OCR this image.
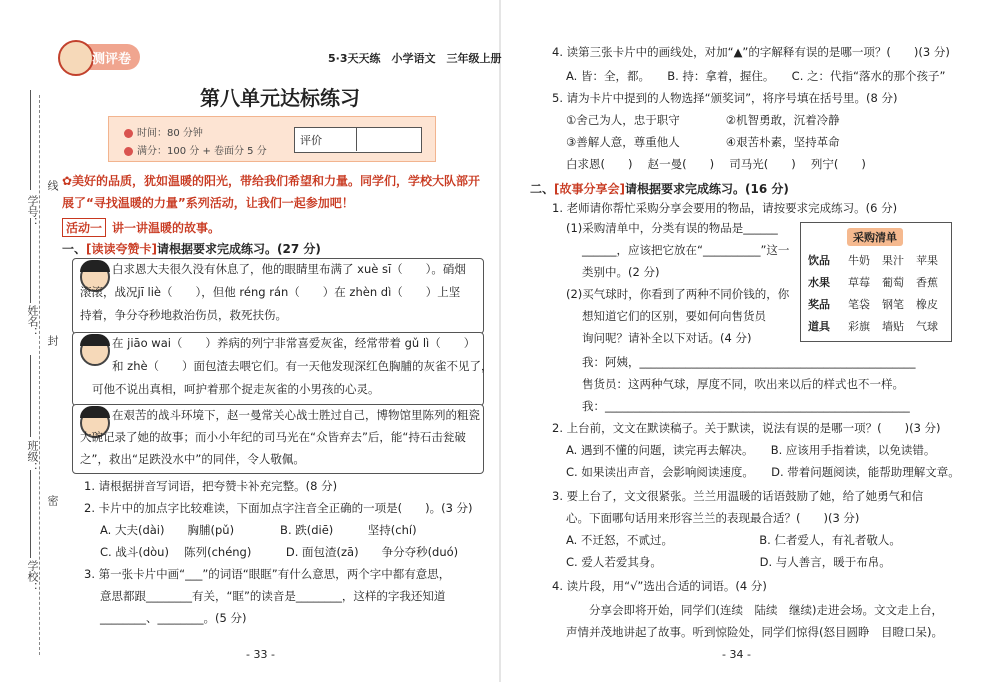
学号：
姓名：
班级：
学校：
线
封
密
测评卷	5·3天天练　小学语文　三年级上册
第八单元达标练习
时间：80 分钟
满分：100 分 + 卷面分 5 分
评价
✿美好的品质，犹如温暖的阳光，带给我们希望和力量。同学们，学校大队部开
展了“寻找温暖的力量”系列活动，让我们一起参加吧！
活动一 讲一讲温暖的故事。
一、[读读夸赞卡]请根据要求完成练习。(27 分)
白求恩大夫很久没有休息了，他的眼睛里布满了 xuè sī（　　）。硝烟
滚滚，战况jī liè（　　），但他 réng rán（　　）在 zhèn dì（　　）上坚
持着，争分夺秒地救治伤员，救死扶伤。
在 jiāo wai（　　）养病的列宁非常喜爱灰雀，经常带着 gǔ lì（　　）
和 zhè（　　）面包渣去喂它们。有一天他发现深红色胸脯的灰雀不见了，
可他不说出真相，呵护着那个捉走灰雀的小男孩的心灵。
在艰苦的战斗环境下，赵一曼常关心战士胜过自己，博物馆里陈列的粗瓷
大碗记录了她的故事；而小小年纪的司马光在“众皆弃去”后，能“持石击瓮破
之”，救出“足跌没水中”的同伴，令人敬佩。
1. 请根据拼音写词语，把夸赞卡补充完整。(8 分)
2. 卡片中的加点字比较难读，下面加点字注音全正确的一项是(　　)。(3 分)
A. 大夫(dài)　　胸脯(pǔ)　　　　B. 跌(diē)　　　坚持(chí)
C. 战斗(dòu)　 陈列(chéng)　　　D. 面包渣(zā)　　争分夺秒(duó)
3. 第一张卡片中画“___”的词语“眼眶”有什么意思，两个字中都有意思，
意思都跟________有关，“眶”的读音是________，这样的字我还知道
________、________。(5 分)
- 33 -
4. 读第三张卡片中的画线处，对加“▲”的字解释有误的是哪一项？(　　)(3 分)
A. 皆：全，都。　　B. 持：拿着，握住。　　C. 之：代指“落水的那个孩子”
5. 请为卡片中提到的人物选择“颁奖词”，将序号填在括号里。(8 分)
①舍己为人，忠于职守　　　　②机智勇敢，沉着冷静
③善解人意，尊重他人　　　　④艰苦朴素，坚持革命
白求恩(　　)　 赵一曼(　　)　 司马光(　　)　 列宁(　　)
二、[故事分享会]请根据要求完成练习。(16 分)
1. 老师请你帮忙采购分享会要用的物品，请按要求完成练习。(6 分)
(1)采购清单中，分类有误的物品是______
______，应该把它放在“__________”这一
类别中。(2 分)
(2)买气球时，你看到了两种不同价钱的，你
想知道它们的区别，要如何向售货员
询问呢？请补全以下对话。(4 分)
我：阿姨，________________________________________________
售货员：这两种气球，厚度不同，吹出来以后的样式也不一样。
我：_____________________________________________________
采购清单
饮品 牛奶 果汁 苹果
水果 草莓 葡萄 香蕉
奖品 笔袋 钢笔 橡皮
道具 彩旗 墙贴 气球
2. 上台前，文文在默读稿子。关于默读，说法有误的是哪一项？(　　)(3 分)
A. 遇到不懂的问题，读完再去解决。　　B. 应该用手指着读，以免读错。
C. 如果读出声音，会影响阅读速度。　　D. 带着问题阅读，能帮助理解文章。
3. 要上台了，文文很紧张。兰兰用温暖的话语鼓励了她，给了她勇气和信
心。下面哪句话用来形容兰兰的表现最合适？(　　)(3 分)
A. 不迁怒，不贰过。　　　　　　　　B. 仁者爱人，有礼者敬人。
C. 爱人若爱其身。　　　　　　　　　D. 与人善言，暖于布帛。
4. 读片段，用“√”选出合适的词语。(4 分)
　　分享会即将开始，同学们(连续　陆续　继续)走进会场。文文走上台，
声情并茂地讲起了故事。听到惊险处，同学们惊得(怒目圆睁　目瞪口呆)。
- 34 -
